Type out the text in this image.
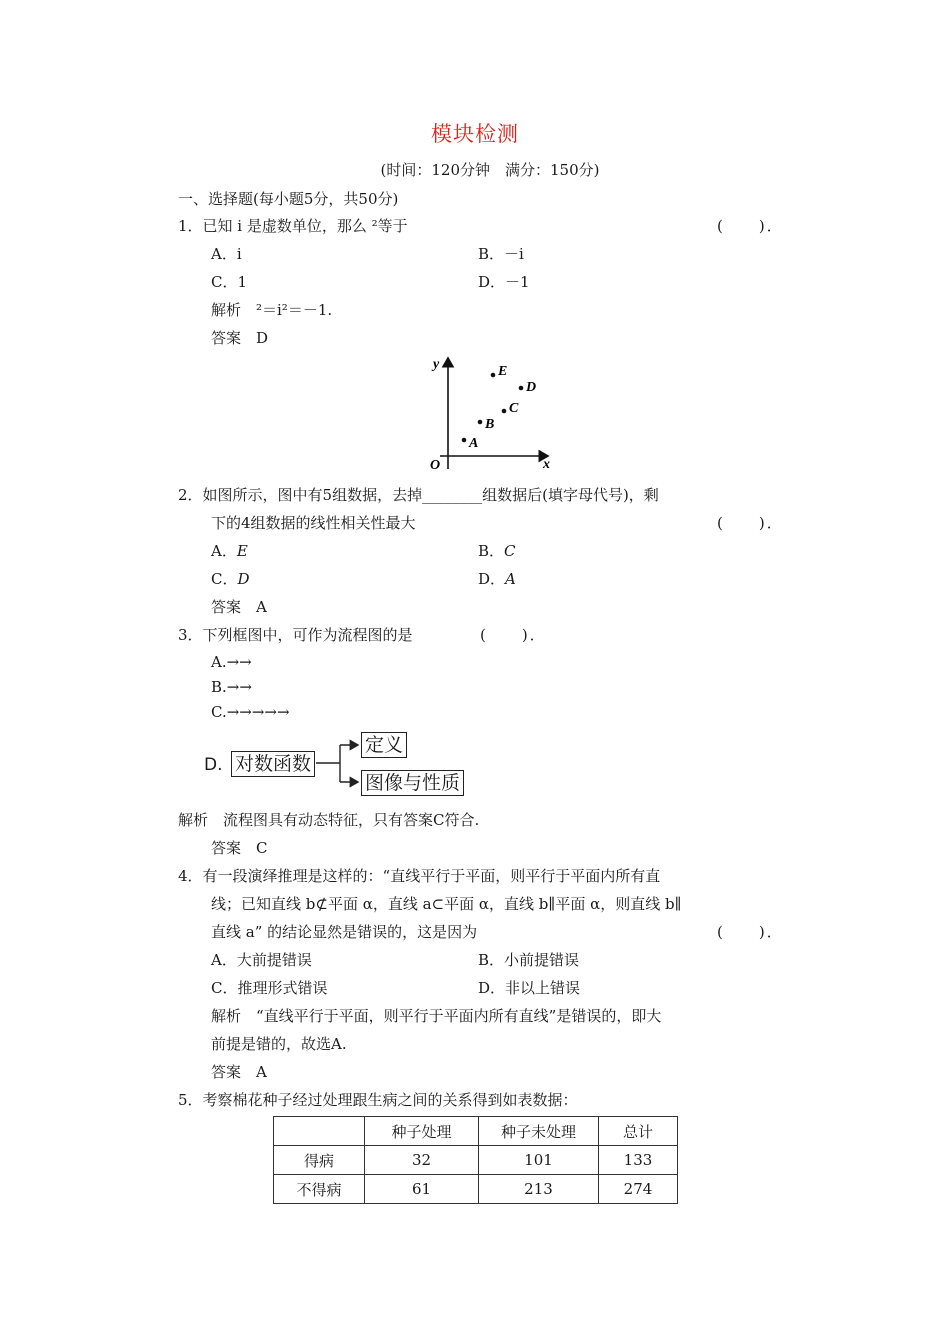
模块检测
(时间：120分钟　满分：150分)
一、选择题(每小题5分，共50分)
1．已知 i 是虚数单位，那么 ²等于	(　　)．
A．i	B．－i
C．1	D．－1
解析　²＝i²＝－1.
答案　D
y
x
O
E
D
C
B
A
2．如图所示，图中有5组数据，去掉________组数据后(填字母代号)，剩
下的4组数据的线性相关性最大	(　　)．
A．E	B．C
C．D	D．A
答案　A
3．下列框图中，可作为流程图的是	(　　)．
A.→→
B.→→
C.→→→→→
D. 对数函数
定义
图像与性质
解析　流程图具有动态特征，只有答案C符合.
答案　C
4．有一段演绎推理是这样的：“直线平行于平面，则平行于平面内所有直
线；已知直线 b⊄平面 α，直线 a⊂平面 α，直线 b∥平面 α，则直线 b∥
直线 a” 的结论显然是错误的，这是因为	(　　)．
A．大前提错误	B．小前提错误
C．推理形式错误	D．非以上错误
解析　“直线平行于平面，则平行于平面内所有直线”是错误的，即大
前提是错的，故选A.
答案　A
5．考察棉花种子经过处理跟生病之间的关系得到如表数据：
	种子处理	种子未处理	总计
得病	32	101	133
不得病	61	213	274
